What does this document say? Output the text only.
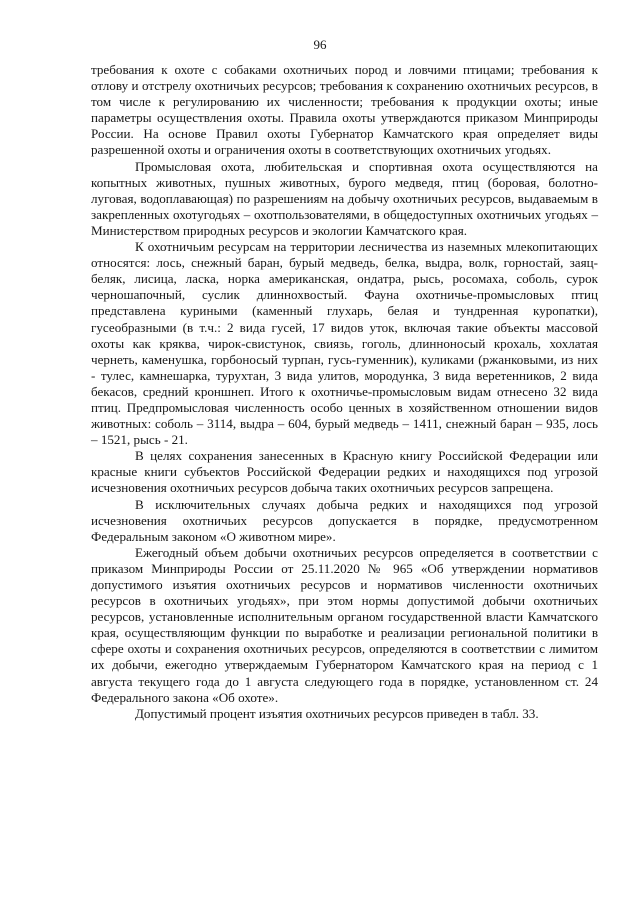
96

требования к охоте с собаками охотничьих пород и ловчими птицами; требования к отлову и отстрелу охотничьих ресурсов; требования к сохранению охотничьих ресурсов, в том числе к регулированию их численности; требования к продукции охоты; иные параметры осуществления охоты. Правила охоты утверждаются приказом Минприроды России. На основе Правил охоты Губернатор Камчатского края определяет виды разрешенной охоты и ограничения охоты в соответствующих охотничьих угодьях.

Промысловая охота, любительская и спортивная охота осуществляются на копытных животных, пушных животных, бурого медведя, птиц (боровая, болотно-луговая, водоплавающая) по разрешениям на добычу охотничьих ресурсов, выдаваемым в закрепленных охотугодьях – охотпользователями, в общедоступных охотничьих угодьях – Министерством природных ресурсов и экологии Камчатского края.

К охотничьим ресурсам на территории лесничества из наземных млекопитающих относятся: лось, снежный баран, бурый медведь, белка, выдра, волк, горностай, заяц-беляк, лисица, ласка, норка американская, ондатра, рысь, росомаха, соболь, сурок черношапочный, суслик длиннохвостый. Фауна охотничье-промысловых птиц представлена куриными (каменный глухарь, белая и тундренная куропатки), гусеобразными (в т.ч.: 2 вида гусей, 17 видов уток, включая такие объекты массовой охоты как кряква, чирок-свистунок, свиязь, гоголь, длинноносый крохаль, хохлатая чернеть, каменушка, горбоносый турпан, гусь-гуменник), куликами (ржанковыми, из них - тулес, камнешарка, турухтан, 3 вида улитов, мородунка, 3 вида веретенников, 2 вида бекасов, средний кроншнеп. Итого к охотничье-промысловым видам отнесено 32 вида птиц. Предпромысловая численность особо ценных в хозяйственном отношении видов животных: соболь – 3114, выдра – 604, бурый медведь – 1411, снежный баран – 935, лось – 1521, рысь - 21.

В целях сохранения занесенных в Красную книгу Российской Федерации или красные книги субъектов Российской Федерации редких и находящихся под угрозой исчезновения охотничьих ресурсов добыча таких охотничьих ресурсов запрещена.

В исключительных случаях добыча редких и находящихся под угрозой исчезновения охотничьих ресурсов допускается в порядке, предусмотренном Федеральным законом «О животном мире».

Ежегодный объем добычи охотничьих ресурсов определяется в соответствии с приказом Минприроды России от 25.11.2020 № 965 «Об утверждении нормативов допустимого изъятия охотничьих ресурсов и нормативов численности охотничьих ресурсов в охотничьих угодьях», при этом нормы допустимой добычи охотничьих ресурсов, установленные исполнительным органом государственной власти Камчатского края, осуществляющим функции по выработке и реализации региональной политики в сфере охоты и сохранения охотничьих ресурсов, определяются в соответствии с лимитом их добычи, ежегодно утверждаемым Губернатором Камчатского края на период с 1 августа текущего года до 1 августа следующего года в порядке, установленном ст. 24 Федерального закона «Об охоте».

Допустимый процент изъятия охотничьих ресурсов приведен в табл. 33.
